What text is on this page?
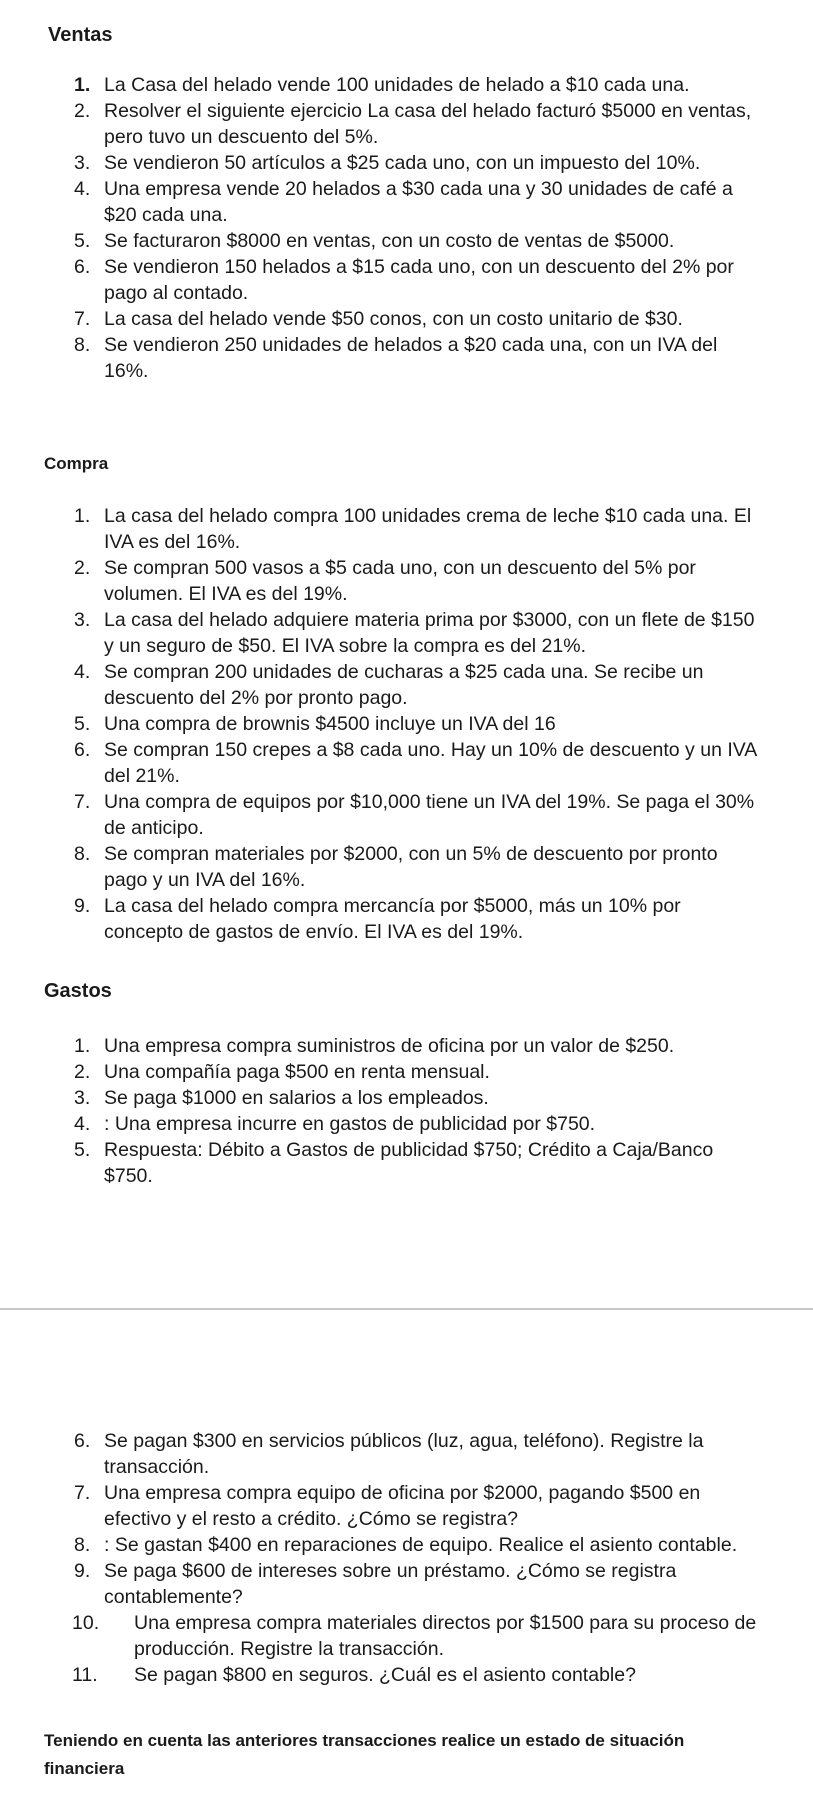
Ventas
1. La Casa del helado vende 100 unidades de helado a $10 cada una.
2. Resolver el siguiente ejercicio La casa del helado facturó $5000 en ventas, pero tuvo un descuento del 5%.
3. Se vendieron 50 artículos a $25 cada uno, con un impuesto del 10%.
4. Una empresa vende 20 helados a $30 cada una y 30 unidades de café a $20 cada una.
5. Se facturaron $8000 en ventas, con un costo de ventas de $5000.
6. Se vendieron 150 helados a $15 cada uno, con un descuento del 2% por pago al contado.
7. La casa del helado vende $50 conos, con un costo unitario de $30.
8. Se vendieron 250 unidades de helados a $20 cada una, con un IVA del 16%.
Compra
1. La casa del helado compra 100 unidades crema de leche $10 cada una. El IVA es del 16%.
2. Se compran 500 vasos a $5 cada uno, con un descuento del 5% por volumen. El IVA es del 19%.
3. La casa del helado adquiere materia prima por $3000, con un flete de $150 y un seguro de $50. El IVA sobre la compra es del 21%.
4. Se compran 200 unidades de cucharas a $25 cada una. Se recibe un descuento del 2% por pronto pago.
5. Una compra de brownis $4500 incluye un IVA del 16
6. Se compran 150 crepes a $8 cada uno. Hay un 10% de descuento y un IVA del 21%.
7. Una compra de equipos por $10,000 tiene un IVA del 19%. Se paga el 30% de anticipo.
8. Se compran materiales por $2000, con un 5% de descuento por pronto pago y un IVA del 16%.
9. La casa del helado compra mercancía por $5000, más un 10% por concepto de gastos de envío. El IVA es del 19%.
Gastos
1. Una empresa compra suministros de oficina por un valor de $250.
2. Una compañía paga $500 en renta mensual.
3. Se paga $1000 en salarios a los empleados.
4. : Una empresa incurre en gastos de publicidad por $750.
5. Respuesta: Débito a Gastos de publicidad $750; Crédito a Caja/Banco $750.
6. Se pagan $300 en servicios públicos (luz, agua, teléfono). Registre la transacción.
7. Una empresa compra equipo de oficina por $2000, pagando $500 en efectivo y el resto a crédito. ¿Cómo se registra?
8. : Se gastan $400 en reparaciones de equipo. Realice el asiento contable.
9. Se paga $600 de intereses sobre un préstamo. ¿Cómo se registra contablemente?
10.	Una empresa compra materiales directos por $1500 para su proceso de producción. Registre la transacción.
11.	Se pagan $800 en seguros. ¿Cuál es el asiento contable?

Teniendo en cuenta las anteriores transacciones realice un estado de situación financiera
